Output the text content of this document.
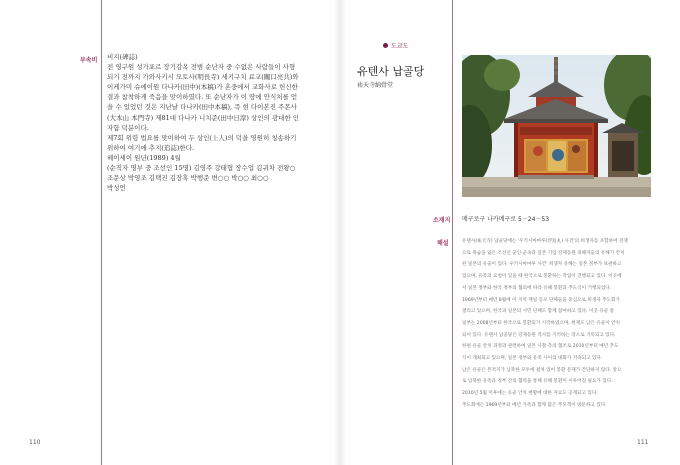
부속비 비지(碑誌)

전 영구원 성가포르 장기감옥 전범 순난자 중 수없은 사람들이 사형

되기 전까지 가와사키시 모토사(明長寺) 세키구치 료교(關口亮共)와

이케가미 슈에이원 다나카(田中)(本稿)가 혼중에서 교화사로 헌신한

결과 참착하게 죽음을 맞이하였다. 또 순난자가 이 땅에 안식처를 얻

을 수 있었던 것은 지난날 다나카(田中本稿), 즉 현 다이본진 주몬사

(大本山 本門寺) 제81대 다나카 니치준(田中日淳) 상인의 광대한 인

자함 덕분이다.

제7회 위령 법요를 맞이하여 두 상인(上人)의 덕을 영원히 칭송하기

위하여 여기에 추지(追誌)한다.

헤이세이 원년(1989) 4월

(순직자 명부 중 조선인 15명) 김영주 강태협 장수업 김귀차 전왕○

조문상 박영조 김택진 김장혹 박행준 변○○ 박○○ 최○○

박성언

110
도쿄도
유텐사 납골당
祐天寺納骨堂
소재지 메구로구 나카메구로 5－24－53
해설	유텐사(祐天寺) 납골당에는 '우키시마마루(浮島丸) 사건'의 희생자를 포함하여 전쟁

으로 목숨을 잃은 조선인 군인·군속과 일본 기업 강제동원 피해자들의 유해가 안치

된 일본의 유골이 있다. 우키시마마루 사건' 희생자 유해는 일본 정부가 보관하고

있으며, 유족의 요청이 있을 때 한국으로 봉환하는 작업이 진행되고 있다. 이곳에

서 일본 정부와 한국 정부의 협의에 따라 유해 봉환과 추도식이 거행되었다.

1969년부터 매년 8월에 이 지역 재일 동포 단체들을 중심으로 희생자 추도회가

열리고 있으며, 한국과 일본의 시민 단체도 함께 참여하고 있다. 이곳 유골 중

일부는 2008년부터 한국으로 봉환되기 시작하였으며, 현재도 남은 유골이 안치

되어 있다. 유텐사 납골당은 강제동원 역사를 기억하는 장소로 기록되고 있다.

한편 유골 안치 과정과 관련하여 일본 사찰 측의 협조로 2010년부터 매년 추도

식이 개최되고 있으며, 일본 정부와 유족 사이의 대화가 지속되고 있다.

남은 유골은 본적지가 남북한 모두에 걸쳐 있어 봉환 문제가 간단하지 않다. 앞으

로 남북한 유족과 정부 간의 협력을 통해 유해 봉환이 이루어질 필요가 있다.

2010년 5월 이후에는 유골 안치 현황에 대한 자료도 공개되고 있다.

추도회에는 1969년부터 매년 가족과 함께 많은 추모객이 방문하고 있다.

111
